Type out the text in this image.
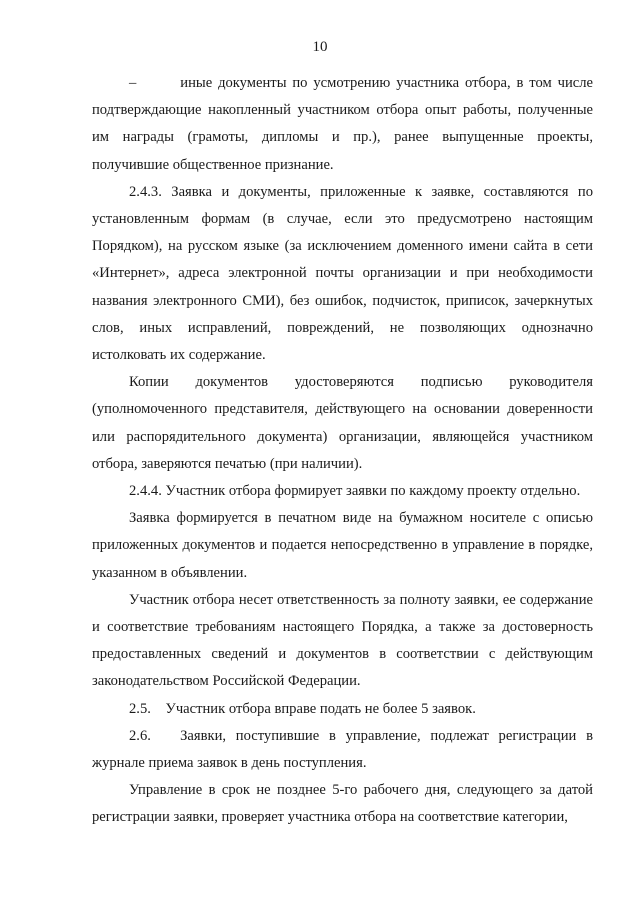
10

–	иные документы по усмотрению участника отбора, в том числе подтверждающие накопленный участником отбора опыт работы, полученные им награды (грамоты, дипломы и пр.), ранее выпущенные проекты, получившие общественное признание.

2.4.3. Заявка и документы, приложенные к заявке, составляются по установленным формам (в случае, если это предусмотрено настоящим Порядком), на русском языке (за исключением доменного имени сайта в сети «Интернет», адреса электронной почты организации и при необходимости названия электронного СМИ), без ошибок, подчисток, приписок, зачеркнутых слов, иных исправлений, повреждений, не позволяющих однозначно истолковать их содержание.

Копии документов удостоверяются подписью руководителя (уполномоченного представителя, действующего на основании доверенности или распорядительного документа) организации, являющейся участником отбора, заверяются печатью (при наличии).

2.4.4. Участник отбора формирует заявки по каждому проекту отдельно.

Заявка формируется в печатном виде на бумажном носителе с описью приложенных документов и подается непосредственно в управление в порядке, указанном в объявлении.

Участник отбора несет ответственность за полноту заявки, ее содержание и соответствие требованиям настоящего Порядка, а также за достоверность предоставленных сведений и документов в соответствии с действующим законодательством Российской Федерации.

2.5.    Участник отбора вправе подать не более 5 заявок.

2.6.   Заявки, поступившие в управление, подлежат регистрации в журнале приема заявок в день поступления.

Управление в срок не позднее 5-го рабочего дня, следующего за датой регистрации заявки, проверяет участника отбора на соответствие категории,
